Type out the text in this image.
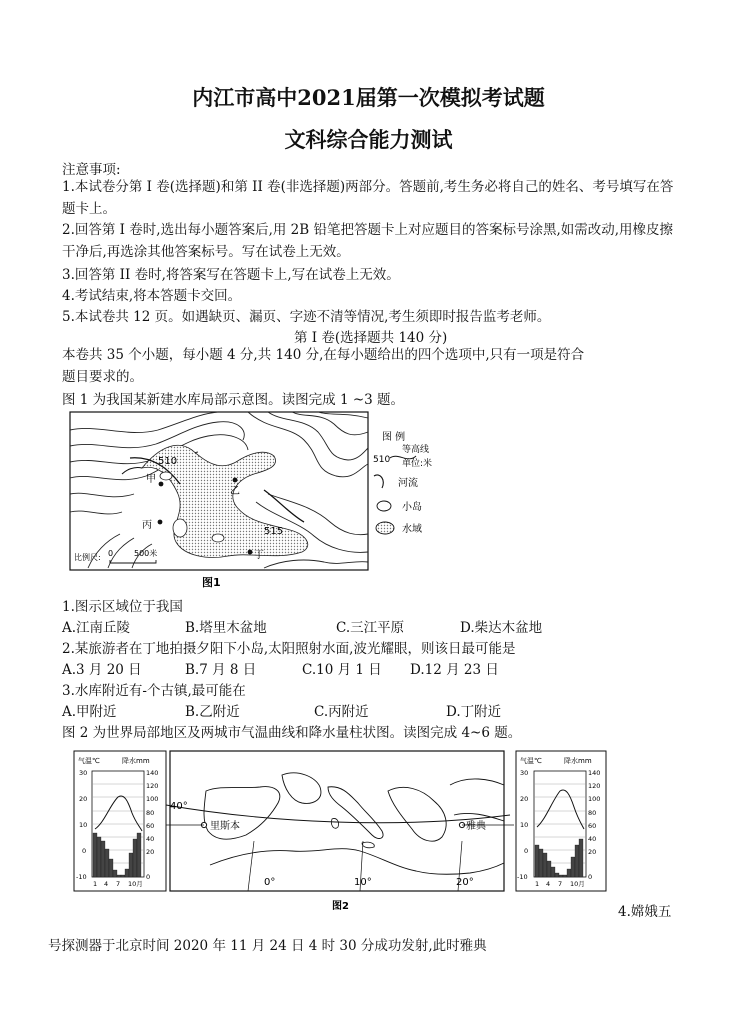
内江市高中2021届第一次模拟考试题
文科综合能力测试
注意事项:
1.本试卷分第 I 卷(选择题)和第 II 卷(非选择题)两部分。答题前,考生务必将自己的姓名、考号填写在答题卡上。
2.回答第 I 卷时,选出每小题答案后,用 2B 铅笔把答题卡上对应题目的答案标号涂黑,如需改动,用橡皮擦干净后,再选涂其他答案标号。写在试卷上无效。
3.回答第 II 卷时,将答案写在答题卡上,写在试卷上无效。
4.考试结束,将本答题卡交回。
5.本试卷共 12 页。如遇缺页、漏页、字迹不清等情况,考生须即时报告监考老师。
第 I 卷(选择题共 140 分)
本卷共 35 个小题，每小题 4 分,共 140 分,在每小题给出的四个选项中,只有一项是符合题目要求的。
图 1 为我国某新建水库局部示意图。读图完成 1 ~3 题。
510
515
甲
乙
丙
丁
比例尺: 0	500米
图 例
510
等高线
单位:米
河流
小岛
水域
图1
1.图示区域位于我国
A.江南丘陵	B.塔里木盆地	C.三江平原	D.柴达木盆地
2.某旅游者在丁地拍摄夕阳下小岛,太阳照射水面,波光耀眼，则该日最可能是
A.3 月 20 日	B.7 月 8 日	C.10 月 1 日 D.12 月 23 日
3.水库附近有-个古镇,最可能在
A.甲附近	B.乙附近	C.丙附近	D.丁附近
图 2 为世界局部地区及两城市气温曲线和降水量柱状图。读图完成 4~6 题。
气温℃	降水mm
30
20
10
0
-10
140
120
100
80
60
40
20
0
1 4 7 10月
40°
里斯本	雅典
0°	10°	20°
图2
气温℃	降水mm
30
20
10
0
-10
140
120
100
80
60
40
20
0
1 4 7 10月
4.嫦娥五
号探测器于北京时间 2020 年 11 月 24 日 4 时 30 分成功发射,此时雅典
